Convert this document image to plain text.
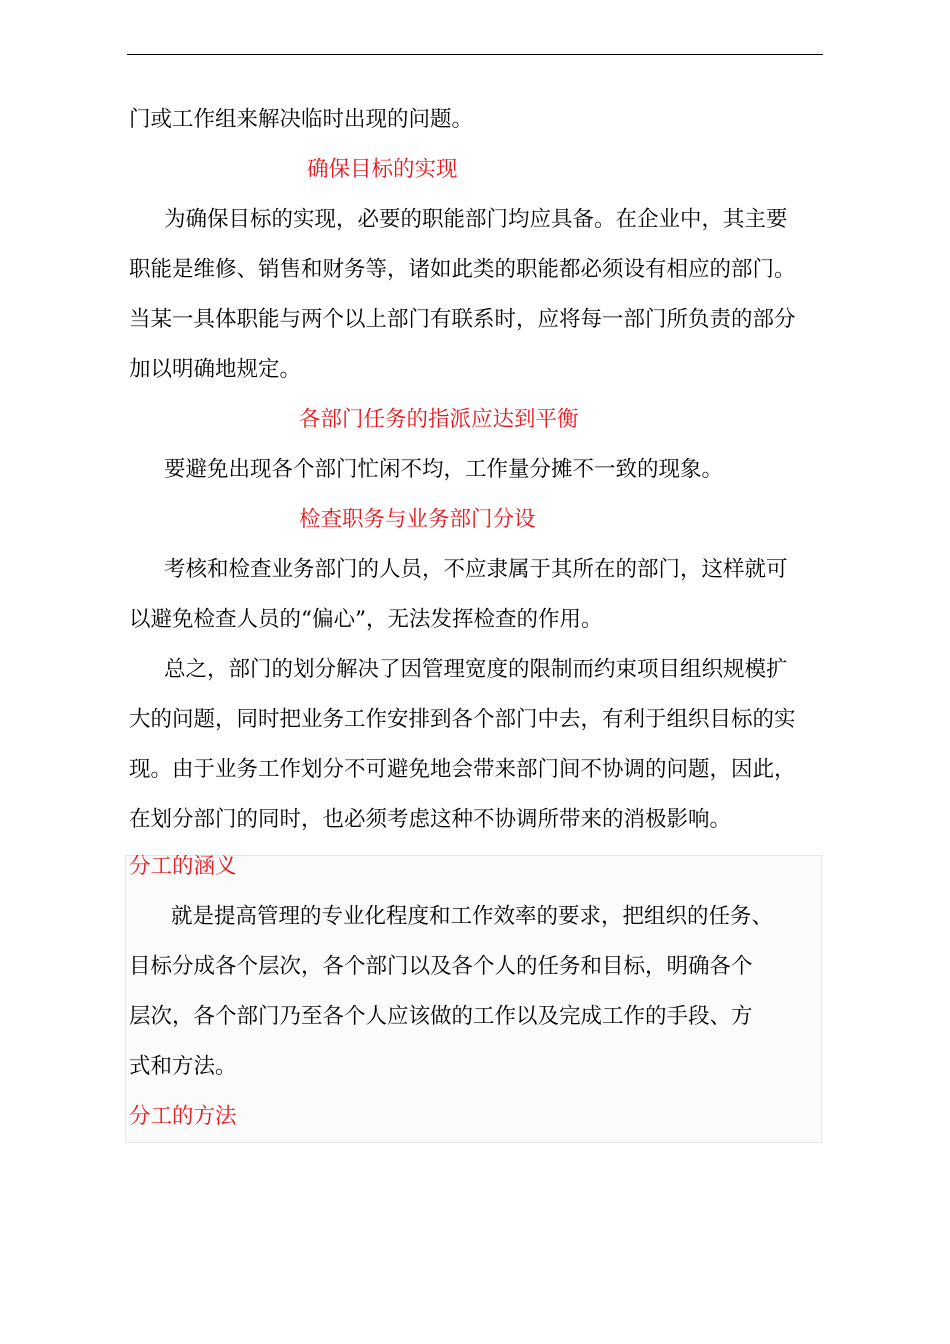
门或工作组来解决临时出现的问题。
确保目标的实现
为确保目标的实现，必要的职能部门均应具备。在企业中，其主要
职能是维修、销售和财务等，诸如此类的职能都必须设有相应的部门。
当某一具体职能与两个以上部门有联系时，应将每一部门所负责的部分
加以明确地规定。
各部门任务的指派应达到平衡
要避免出现各个部门忙闲不均，工作量分摊不一致的现象。
检查职务与业务部门分设
考核和检查业务部门的人员，不应隶属于其所在的部门，这样就可
以避免检查人员的“偏心”，无法发挥检查的作用。
总之，部门的划分解决了因管理宽度的限制而约束项目组织规模扩
大的问题，同时把业务工作安排到各个部门中去，有利于组织目标的实
现。由于业务工作划分不可避免地会带来部门间不协调的问题，因此，
在划分部门的同时，也必须考虑这种不协调所带来的消极影响。
分工的涵义
就是提高管理的专业化程度和工作效率的要求，把组织的任务、
目标分成各个层次，各个部门以及各个人的任务和目标，明确各个
层次，各个部门乃至各个人应该做的工作以及完成工作的手段、方
式和方法。
分工的方法
